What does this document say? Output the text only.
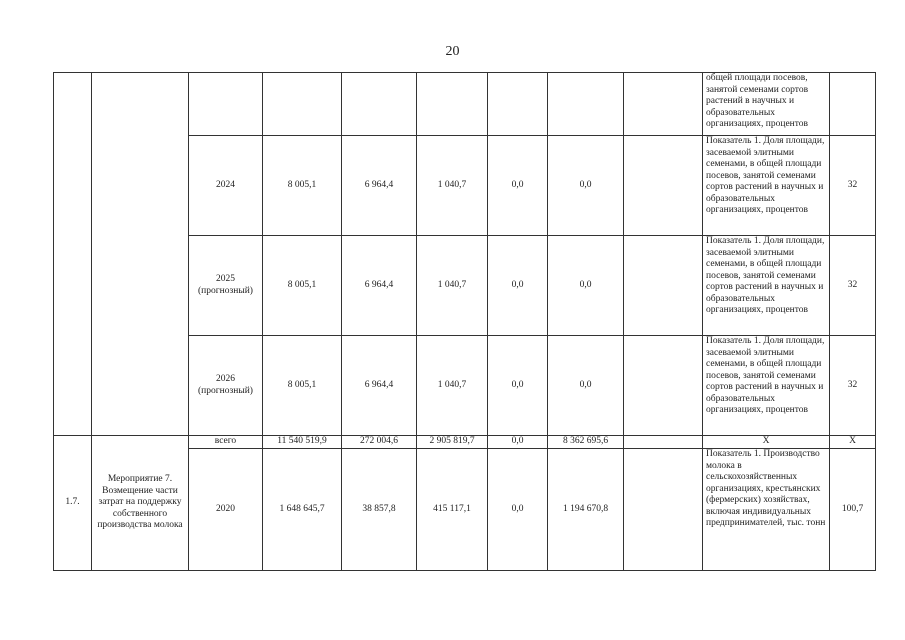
20
									общей площади посевов, занятой семенами сортов растений в научных и образовательных организациях, процентов	
		2024	8 005,1	6 964,4	1 040,7	0,0	0,0		Показатель 1. Доля площади, засеваемой элитными семенами, в общей площади посевов, занятой семенами сортов растений в научных и образовательных организациях, процентов	32
		2025 (прогнозный)	8 005,1	6 964,4	1 040,7	0,0	0,0		Показатель 1. Доля площади, засеваемой элитными семенами, в общей площади посевов, занятой семенами сортов растений в научных и образовательных организациях, процентов	32
		2026 (прогнозный)	8 005,1	6 964,4	1 040,7	0,0	0,0		Показатель 1. Доля площади, засеваемой элитными семенами, в общей площади посевов, занятой семенами сортов растений в научных и образовательных организациях, процентов	32
1.7.	Мероприятие 7. Возмещение части затрат на поддержку собственного производства молока	всего	11 540 519,9	272 004,6	2 905 819,7	0,0	8 362 695,6		Х	Х
		2020	1 648 645,7	38 857,8	415 117,1	0,0	1 194 670,8		Показатель 1. Производство молока в сельскохозяйственных организациях, крестьянских (фермерских) хозяйствах, включая индивидуальных предпринимателей, тыс. тонн	100,7
